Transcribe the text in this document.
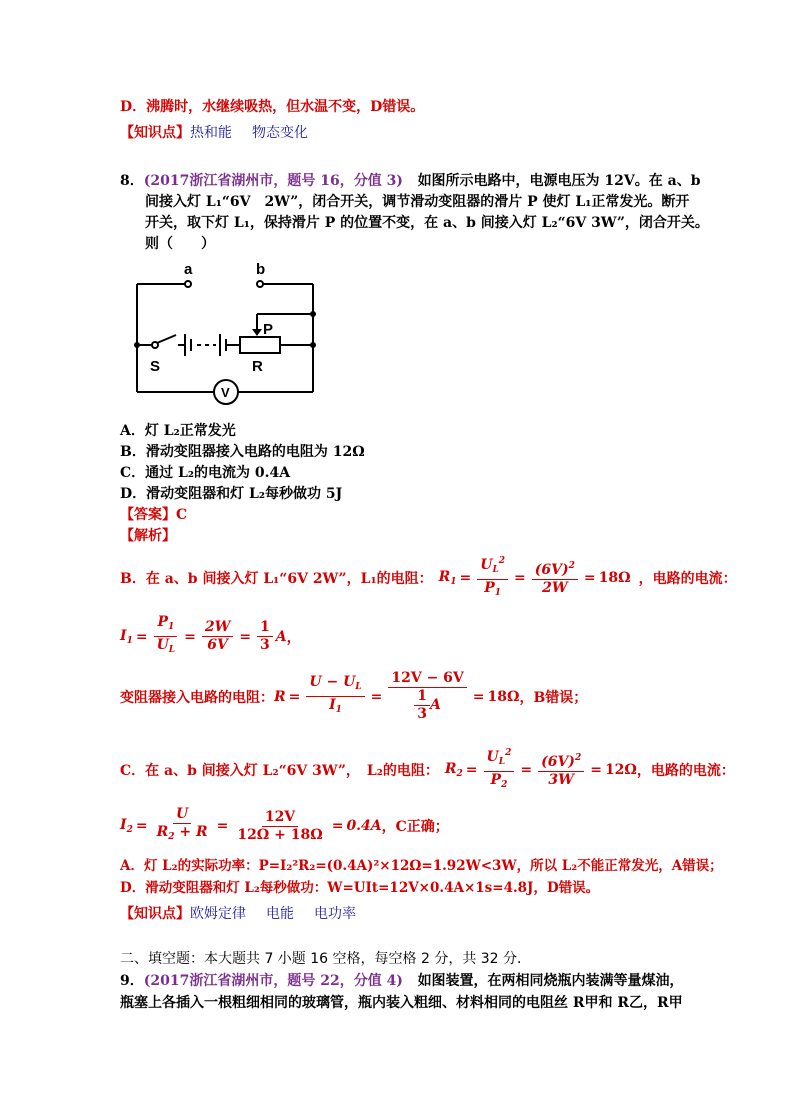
D．沸腾时，水继续吸热，但水温不变，D错误。
【知识点】热和能 物态变化
8．(2017浙江省湖州市，题号 16，分值 3) 如图所示电路中，电源电压为 12V。在 a、b
间接入灯 L₁“6V　2W”，闭合开关，调节滑动变阻器的滑片 P 使灯 L₁正常发光。断开
开关，取下灯 L₁，保持滑片 P 的位置不变，在 a、b 间接入灯 L₂“6V 3W”，闭合开关。
则（　　）
a	b
P
R
S
V
A．灯 L₂正常发光
B．滑动变阻器接入电路的电阻为 12Ω
C．通过 L₂的电流为 0.4A
D．滑动变阻器和灯 L₂每秒做功 5J
【答案】C
【解析】
B．在 a、b 间接入灯 L₁“6V 2W”，L₁的电阻： $R_1 = \frac{U_L^2}{P_1} = \frac{(6V)^2}{2W} = 18\Omega$ ，电路的电流：
$I_1 = \frac{P_1}{U_L} = \frac{2W}{6V} = \frac{1}{3}$ A ，
变阻器接入电路的电阻： $R = \frac{U - U_L}{I_1} = \frac{12V - 6V}{\frac{1}{3} A} = 18\Omega$ ，B错误；
C．在 a、b 间接入灯 L₂“6V 3W”，　L₂的电阻： $R_2 = \frac{U_L^2}{P_2} = \frac{(6V)^2}{3W} = 12\Omega$ ，电路的电流：
$I_2 = \frac{U}{R_2 + R} = \frac{12V}{12\Omega + 18\Omega} = 0.4A$ ，C正确；
A．灯 L₂的实际功率：P=I₂²R₂=(0.4A)²×12Ω=1.92W<3W，所以 L₂不能正常发光，A错误；
D．滑动变阻器和灯 L₂每秒做功：W=UIt=12V×0.4A×1s=4.8J，D错误。
【知识点】欧姆定律 电能 电功率
二、填空题：本大题共 7 小题 16 空格，每空格 2 分，共 32 分．
9．(2017浙江省湖州市，题号 22，分值 4) 如图装置，在两相同烧瓶内装满等量煤油，
瓶塞上各插入一根粗细相同的玻璃管，瓶内装入粗细、材料相同的电阻丝 R甲和 R乙，R甲
